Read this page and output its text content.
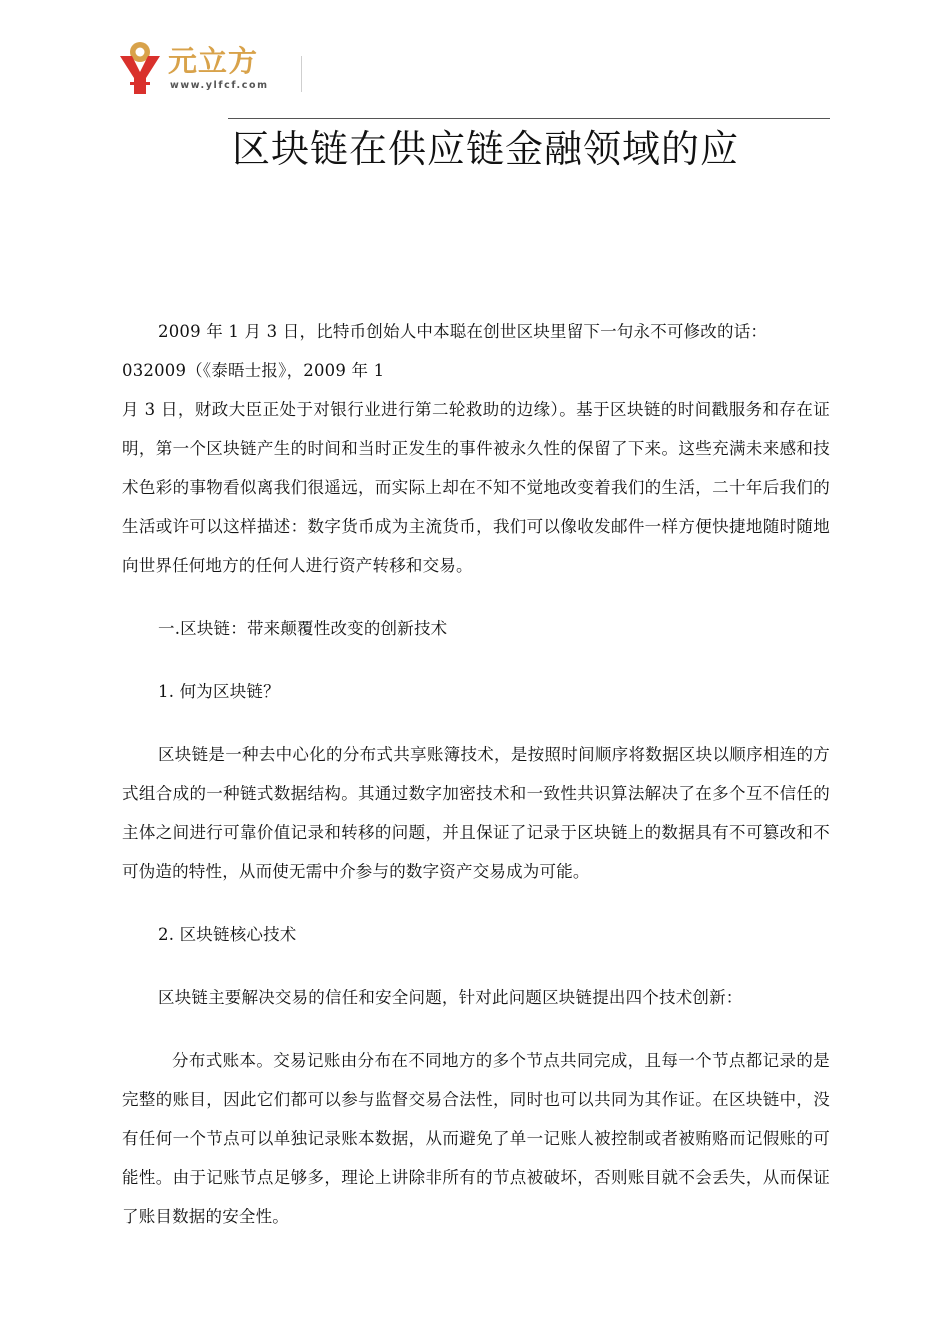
元立方
www.ylfcf.com
区块链在供应链金融领域的应

2009 年 1 月 3 日，比特币创始人中本聪在创世区块里留下一句永不可修改的话：
032009（《泰晤士报》，2009 年 1
月 3 日，财政大臣正处于对银行业进行第二轮救助的边缘）。基于区块链的时间戳服务和存在证明，第一个区块链产生的时间和当时正发生的事件被永久性的保留了下来。这些充满未来感和技术色彩的事物看似离我们很遥远，而实际上却在不知不觉地改变着我们的生活，二十年后我们的生活或许可以这样描述：数字货币成为主流货币，我们可以像收发邮件一样方便快捷地随时随地向世界任何地方的任何人进行资产转移和交易。

一.区块链：带来颠覆性改变的创新技术

1. 何为区块链？

区块链是一种去中心化的分布式共享账簿技术，是按照时间顺序将数据区块以顺序相连的方式组合成的一种链式数据结构。其通过数字加密技术和一致性共识算法解决了在多个互不信任的主体之间进行可靠价值记录和转移的问题，并且保证了记录于区块链上的数据具有不可篡改和不可伪造的特性，从而使无需中介参与的数字资产交易成为可能。

2. 区块链核心技术

区块链主要解决交易的信任和安全问题，针对此问题区块链提出四个技术创新：

分布式账本。交易记账由分布在不同地方的多个节点共同完成，且每一个节点都记录的是完整的账目，因此它们都可以参与监督交易合法性，同时也可以共同为其作证。在区块链中，没有任何一个节点可以单独记录账本数据，从而避免了单一记账人被控制或者被贿赂而记假账的可能性。由于记账节点足够多，理论上讲除非所有的节点被破坏，否则账目就不会丢失，从而保证了账目数据的安全性。
